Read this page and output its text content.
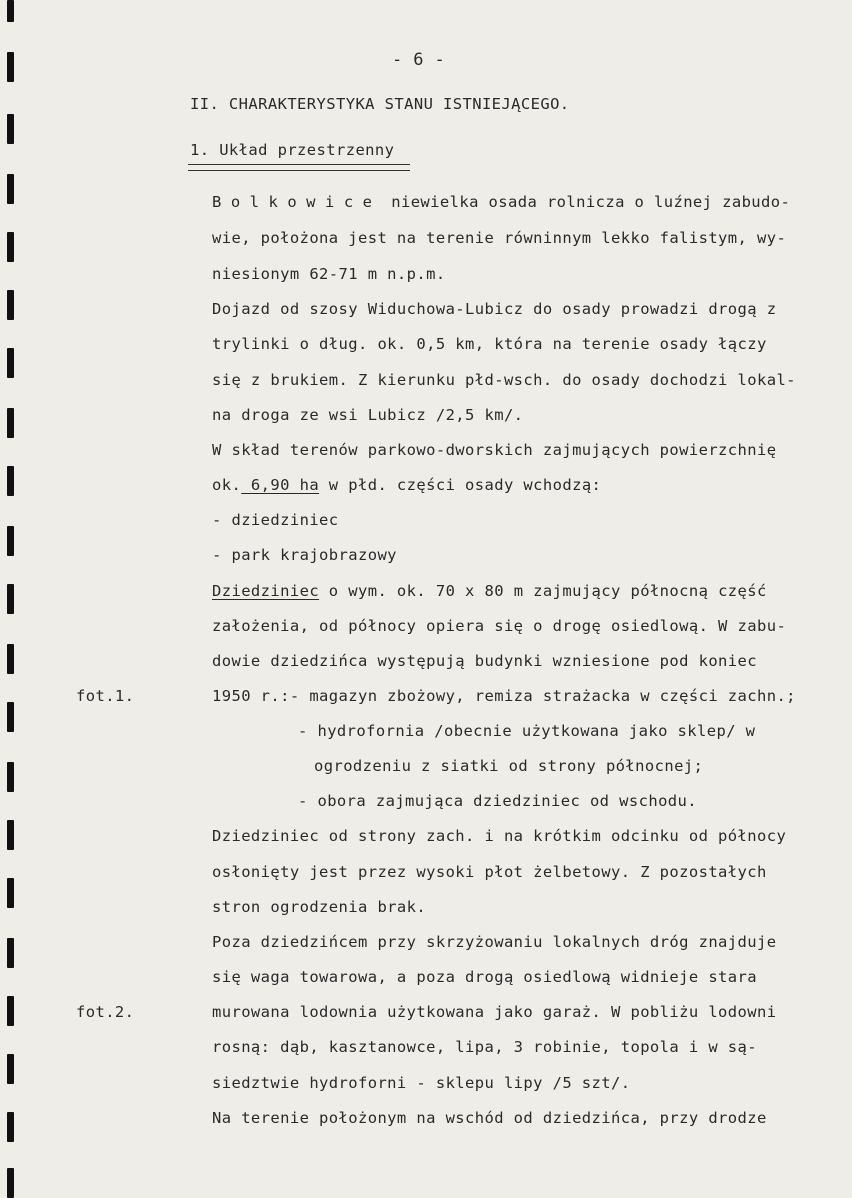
- 6 -
II. CHARAKTERYSTYKA STANU ISTNIEJĄCEGO.
1. Układ przestrzenny
Bolkowice niewielka osada rolnicza o luźnej zabudo-
wie, położona jest na terenie równinnym lekko falistym, wy-
niesionym 62-71 m n.p.m.
Dojazd od szosy Widuchowa-Lubicz do osady prowadzi drogą z
trylinki o dług. ok. 0,5 km, która na terenie osady łączy
się z brukiem. Z kierunku płd-wsch. do osady dochodzi lokal-
na droga ze wsi Lubicz /2,5 km/.
W skład terenów parkowo-dworskich zajmujących powierzchnię
ok. 6,90 ha w płd. części osady wchodzą:
- dziedziniec
- park krajobrazowy
Dziedziniec o wym. ok. 70 x 80 m zajmujący północną część
założenia, od północy opiera się o drogę osiedlową. W zabu-
dowie dziedzińca występują budynki wzniesione pod koniec
fot.1.	1950 r.:- magazyn zbożowy, remiza strażacka w części zachn.;
- hydrofornia /obecnie użytkowana jako sklep/ w
ogrodzeniu z siatki od strony północnej;
- obora zajmująca dziedziniec od wschodu.
Dziedziniec od strony zach. i na krótkim odcinku od północy
osłonięty jest przez wysoki płot żelbetowy. Z pozostałych
stron ogrodzenia brak.
Poza dziedzińcem przy skrzyżowaniu lokalnych dróg znajduje
się waga towarowa, a poza drogą osiedlową widnieje stara
fot.2.	murowana lodownia użytkowana jako garaż. W pobliżu lodowni
rosną: dąb, kasztanowce, lipa, 3 robinie, topola i w są-
siedztwie hydroforni - sklepu lipy /5 szt/.
Na terenie położonym na wschód od dziedzińca, przy drodze
